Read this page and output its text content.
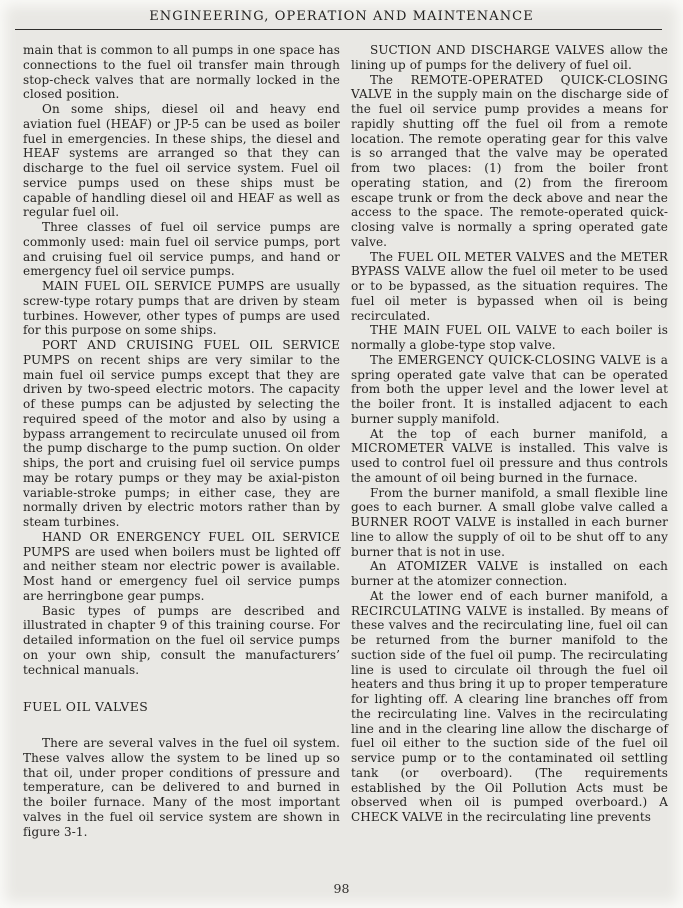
ENGINEERING, OPERATION AND MAINTENANCE

main that is common to all pumps in one space has connections to the fuel oil transfer main through stop-check valves that are normally locked in the closed position.

On some ships, diesel oil and heavy end aviation fuel (HEAF) or JP-5 can be used as boiler fuel in emergencies. In these ships, the diesel and HEAF systems are arranged so that they can discharge to the fuel oil service system. Fuel oil service pumps used on these ships must be capable of handling diesel oil and HEAF as well as regular fuel oil.

Three classes of fuel oil service pumps are commonly used: main fuel oil service pumps, port and cruising fuel oil service pumps, and hand or emergency fuel oil service pumps.

MAIN FUEL OIL SERVICE PUMPS are usually screw-type rotary pumps that are driven by steam turbines. However, other types of pumps are used for this purpose on some ships.

PORT AND CRUISING FUEL OIL SERVICE PUMPS on recent ships are very similar to the main fuel oil service pumps except that they are driven by two-speed electric motors. The capacity of these pumps can be adjusted by selecting the required speed of the motor and also by using a bypass arrangement to recirculate unused oil from the pump discharge to the pump suction. On older ships, the port and cruising fuel oil service pumps may be rotary pumps or they may be axial-piston variable-stroke pumps; in either case, they are normally driven by electric motors rather than by steam turbines.

HAND OR ENERGENCY FUEL OIL SERVICE PUMPS are used when boilers must be lighted off and neither steam nor electric power is available. Most hand or emergency fuel oil service pumps are herringbone gear pumps.

Basic types of pumps are described and illustrated in chapter 9 of this training course. For detailed information on the fuel oil service pumps on your own ship, consult the manufacturers’ technical manuals.

FUEL OIL VALVES

There are several valves in the fuel oil system. These valves allow the system to be lined up so that oil, under proper conditions of pressure and temperature, can be delivered to and burned in the boiler furnace. Many of the most important valves in the fuel oil service system are shown in figure 3-1.

SUCTION AND DISCHARGE VALVES allow the lining up of pumps for the delivery of fuel oil.

The REMOTE-OPERATED QUICK-CLOSING VALVE in the supply main on the discharge side of the fuel oil service pump provides a means for rapidly shutting off the fuel oil from a remote location. The remote operating gear for this valve is so arranged that the valve may be operated from two places: (1) from the boiler front operating station, and (2) from the fireroom escape trunk or from the deck above and near the access to the space. The remote-operated quick-closing valve is normally a spring operated gate valve.

The FUEL OIL METER VALVES and the METER BYPASS VALVE allow the fuel oil meter to be used or to be bypassed, as the situation requires. The fuel oil meter is bypassed when oil is being recirculated.

THE MAIN FUEL OIL VALVE to each boiler is normally a globe-type stop valve.

The EMERGENCY QUICK-CLOSING VALVE is a spring operated gate valve that can be operated from both the upper level and the lower level at the boiler front. It is installed adjacent to each burner supply manifold.

At the top of each burner manifold, a MICROMETER VALVE is installed. This valve is used to control fuel oil pressure and thus controls the amount of oil being burned in the furnace.

From the burner manifold, a small flexible line goes to each burner. A small globe valve called a BURNER ROOT VALVE is installed in each burner line to allow the supply of oil to be shut off to any burner that is not in use.

An ATOMIZER VALVE is installed on each burner at the atomizer connection.

At the lower end of each burner manifold, a RECIRCULATING VALVE is installed. By means of these valves and the recirculating line, fuel oil can be returned from the burner manifold to the suction side of the fuel oil pump. The recirculating line is used to circulate oil through the fuel oil heaters and thus bring it up to proper temperature for lighting off. A clearing line branches off from the recirculating line. Valves in the recirculating line and in the clearing line allow the discharge of fuel oil either to the suction side of the fuel oil service pump or to the contaminated oil settling tank (or overboard). (The requirements established by the Oil Pollution Acts must be observed when oil is pumped overboard.) A CHECK VALVE in the recirculating line prevents

98
